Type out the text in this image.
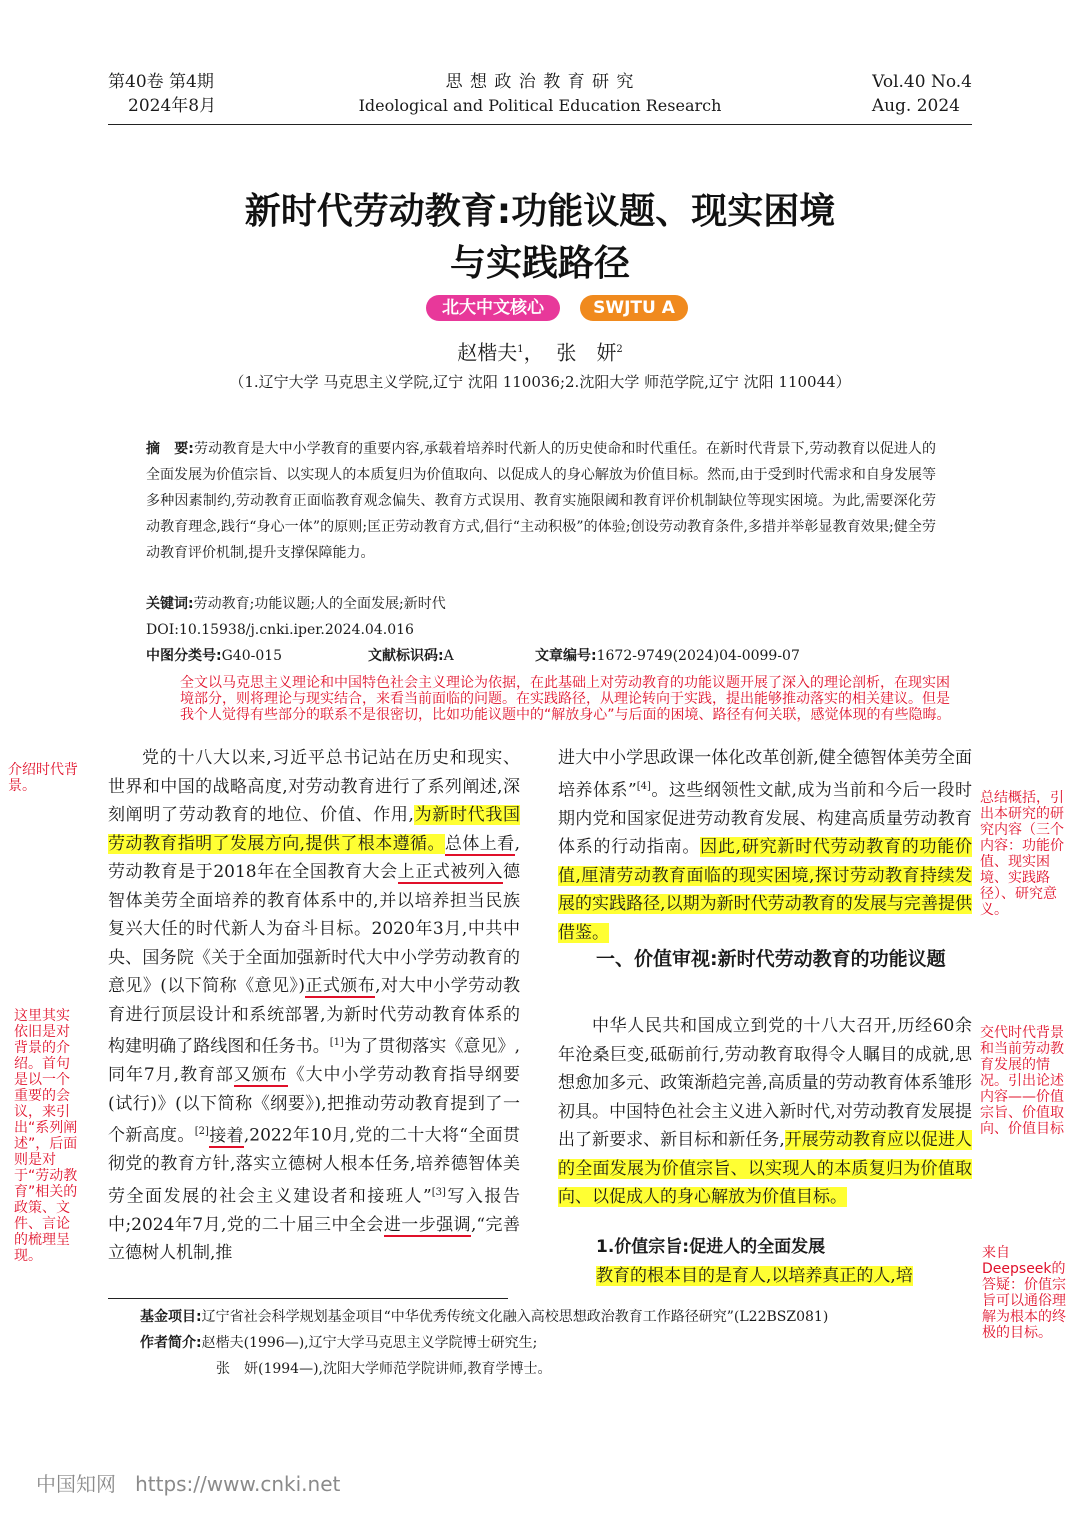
第40卷 第4期
2024年8月
思 想 政 治 教 育 研 究
Ideological and Political Education Research
Vol.40 No.4
Aug. 2024
新时代劳动教育:功能议题、现实困境
与实践路径
北大中文核心	SWJTU A
赵楷夫$^1$， 张　妍$^2$
（1.辽宁大学 马克思主义学院,辽宁 沈阳 110036;2.沈阳大学 师范学院,辽宁 沈阳 110044）
摘　要:劳动教育是大中小学教育的重要内容,承载着培养时代新人的历史使命和时代重任。在新时代背景下,劳动教育以促进人的全面发展为价值宗旨、以实现人的本质复归为价值取向、以促成人的身心解放为价值目标。然而,由于受到时代需求和自身发展等多种因素制约,劳动教育正面临教育观念偏失、教育方式误用、教育实施限阈和教育评价机制缺位等现实困境。为此,需要深化劳动教育理念,践行“身心一体”的原则;匡正劳动教育方式,倡行“主动积极”的体验;创设劳动教育条件,多措并举彰显教育效果;健全劳动教育评价机制,提升支撑保障能力。
关键词:劳动教育;功能议题;人的全面发展;新时代
DOI:10.15938/j.cnki.iper.2024.04.016
中图分类号:G40-015	文献标识码:A	文章编号:1672-9749(2024)04-0099-07
全文以马克思主义理论和中国特色社会主义理论为依据，在此基础上对劳动教育的功能议题开展了深入的理论剖析，在现实困境部分，则将理论与现实结合，来看当前面临的问题。在实践路径，从理论转向于实践，提出能够推动落实的相关建议。但是我个人觉得有些部分的联系不是很密切，比如功能议题中的“解放身心”与后面的困境、路径有何关联，感觉体现的有些隐晦。
介绍时代背景。
这里其实依旧是对背景的介绍。首句是以一个重要的会议，来引出“系列阐述”，后面则是对于“劳动教育”相关的政策、文件、言论的梳理呈现。
总结概括，引出本研究的研究内容（三个内容：功能价值、现实困境、实践路径）、研究意义。
交代时代背景和当前劳动教育发展的情况。引出论述内容——价值宗旨、价值取向、价值目标
来自Deepseek的答疑：价值宗旨可以通俗理解为根本的终极的目标。
党的十八大以来,习近平总书记站在历史和现实、世界和中国的战略高度,对劳动教育进行了系列阐述,深刻阐明了劳动教育的地位、价值、作用,为新时代我国劳动教育指明了发展方向,提供了根本遵循。总体上看,劳动教育是于2018年在全国教育大会上正式被列入德智体美劳全面培养的教育体系中的,并以培养担当民族复兴大任的时代新人为奋斗目标。2020年3月,中共中央、国务院《关于全面加强新时代大中小学劳动教育的意见》(以下简称《意见》)正式颁布,对大中小学劳动教育进行顶层设计和系统部署,为新时代劳动教育体系的构建明确了路线图和任务书。[1]为了贯彻落实《意见》,同年7月,教育部又颁布《大中小学劳动教育指导纲要(试行)》(以下简称《纲要》),把推动劳动教育提到了一个新高度。[2]接着,2022年10月,党的二十大将“全面贯彻党的教育方针,落实立德树人根本任务,培养德智体美劳全面发展的社会主义建设者和接班人”[3]写入报告中;2024年7月,党的二十届三中全会进一步强调,“完善立德树人机制,推
进大中小学思政课一体化改革创新,健全德智体美劳全面培养体系”[4]。这些纲领性文献,成为当前和今后一段时期内党和国家促进劳动教育发展、构建高质量劳动教育体系的行动指南。因此,研究新时代劳动教育的功能价值,厘清劳动教育面临的现实困境,探讨劳动教育持续发展的实践路径,以期为新时代劳动教育的发展与完善提供借鉴。
一、价值审视:新时代劳动教育的功能议题
中华人民共和国成立到党的十八大召开,历经60余年沧桑巨变,砥砺前行,劳动教育取得令人瞩目的成就,思想愈加多元、政策渐趋完善,高质量的劳动教育体系雏形初具。中国特色社会主义进入新时代,对劳动教育发展提出了新要求、新目标和新任务,开展劳动教育应以促进人的全面发展为价值宗旨、以实现人的本质复归为价值取向、以促成人的身心解放为价值目标。
1.价值宗旨:促进人的全面发展
教育的根本目的是育人,以培养真正的人,培
基金项目:辽宁省社会科学规划基金项目“中华优秀传统文化融入高校思想政治教育工作路径研究”(L22BSZ081)
作者简介:赵楷夫(1996—),辽宁大学马克思主义学院博士研究生;
张　妍(1994—),沈阳大学师范学院讲师,教育学博士。
中国知网 https://www.cnki.net
